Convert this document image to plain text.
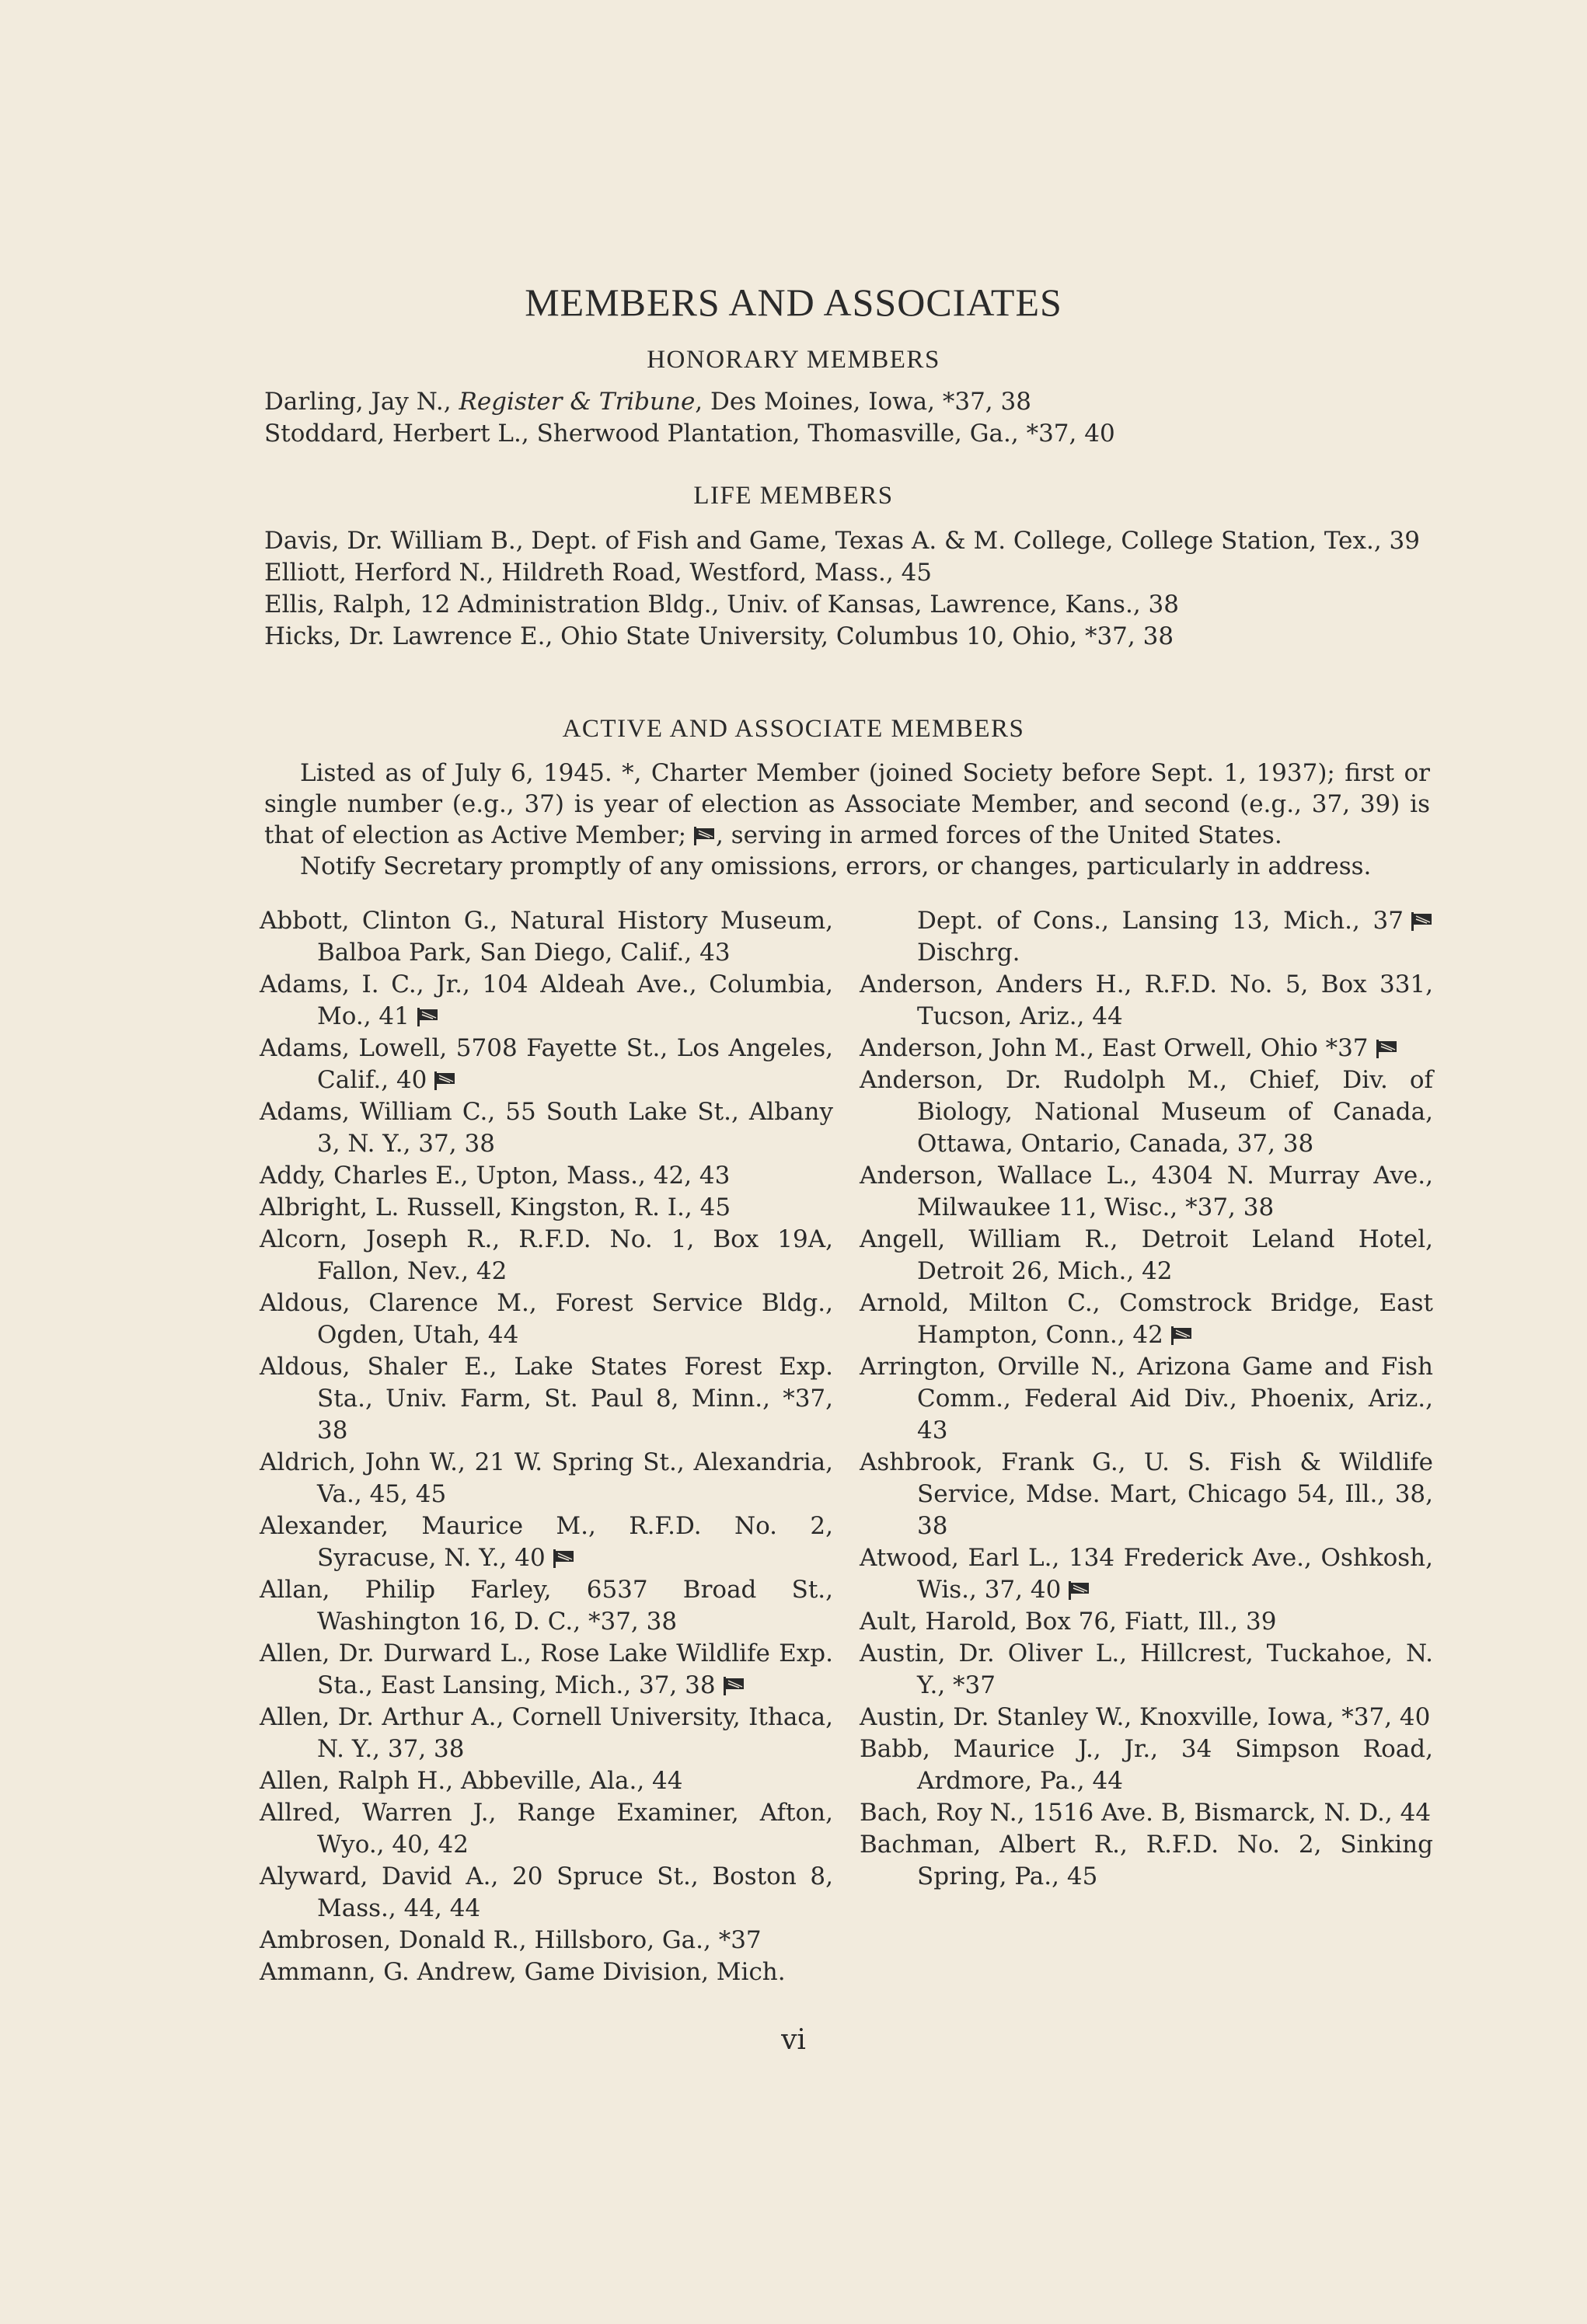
MEMBERS AND ASSOCIATES
HONORARY MEMBERS

Darling, Jay N., Register & Tribune, Des Moines, Iowa, *37, 38

Stoddard, Herbert L., Sherwood Plantation, Thomasville, Ga., *37, 40

LIFE MEMBERS

Davis, Dr. William B., Dept. of Fish and Game, Texas A. & M. College, College Station, Tex., 39

Elliott, Herford N., Hildreth Road, Westford, Mass., 45

Ellis, Ralph, 12 Administration Bldg., Univ. of Kansas, Lawrence, Kans., 38

Hicks, Dr. Lawrence E., Ohio State University, Columbus 10, Ohio, *37, 38

ACTIVE AND ASSOCIATE MEMBERS

Listed as of July 6, 1945. *, Charter Member (joined Society before Sept. 1, 1937); first or single number (e.g., 37) is year of election as Associate Member, and second (e.g., 37, 39) is that of election as Active Member; , serving in armed forces of the United States.

Notify Secretary promptly of any omissions, errors, or changes, particularly in address.

Abbott, Clinton G., Natural History Museum, Balboa Park, San Diego, Calif., 43

Adams, I. C., Jr., 104 Aldeah Ave., Columbia, Mo., 41

Adams, Lowell, 5708 Fayette St., Los Angeles, Calif., 40

Adams, William C., 55 South Lake St., Albany 3, N. Y., 37, 38

Addy, Charles E., Upton, Mass., 42, 43

Albright, L. Russell, Kingston, R. I., 45

Alcorn, Joseph R., R.F.D. No. 1, Box 19A, Fallon, Nev., 42

Aldous, Clarence M., Forest Service Bldg., Ogden, Utah, 44

Aldous, Shaler E., Lake States Forest Exp. Sta., Univ. Farm, St. Paul 8, Minn., *37, 38

Aldrich, John W., 21 W. Spring St., Alexandria, Va., 45, 45

Alexander, Maurice M., R.F.D. No. 2, Syracuse, N. Y., 40

Allan, Philip Farley, 6537 Broad St., Washington 16, D. C., *37, 38

Allen, Dr. Durward L., Rose Lake Wildlife Exp. Sta., East Lansing, Mich., 37, 38

Allen, Dr. Arthur A., Cornell University, Ithaca, N. Y., 37, 38

Allen, Ralph H., Abbeville, Ala., 44

Allred, Warren J., Range Examiner, Afton, Wyo., 40, 42

Alyward, David A., 20 Spruce St., Boston 8, Mass., 44, 44

Ambrosen, Donald R., Hillsboro, Ga., *37

Ammann, G. Andrew, Game Division, Mich.

Dept. of Cons., Lansing 13, Mich., 37 Dischrg.

Anderson, Anders H., R.F.D. No. 5, Box 331, Tucson, Ariz., 44

Anderson, John M., East Orwell, Ohio *37

Anderson, Dr. Rudolph M., Chief, Div. of Biology, National Museum of Canada, Ottawa, Ontario, Canada, 37, 38

Anderson, Wallace L., 4304 N. Murray Ave., Milwaukee 11, Wisc., *37, 38

Angell, William R., Detroit Leland Hotel, Detroit 26, Mich., 42

Arnold, Milton C., Comstrock Bridge, East Hampton, Conn., 42

Arrington, Orville N., Arizona Game and Fish Comm., Federal Aid Div., Phoenix, Ariz., 43

Ashbrook, Frank G., U. S. Fish & Wildlife Service, Mdse. Mart, Chicago 54, Ill., 38, 38

Atwood, Earl L., 134 Frederick Ave., Oshkosh, Wis., 37, 40

Ault, Harold, Box 76, Fiatt, Ill., 39

Austin, Dr. Oliver L., Hillcrest, Tuckahoe, N. Y., *37

Austin, Dr. Stanley W., Knoxville, Iowa, *37, 40

Babb, Maurice J., Jr., 34 Simpson Road, Ardmore, Pa., 44

Bach, Roy N., 1516 Ave. B, Bismarck, N. D., 44

Bachman, Albert R., R.F.D. No. 2, Sinking Spring, Pa., 45

vi
